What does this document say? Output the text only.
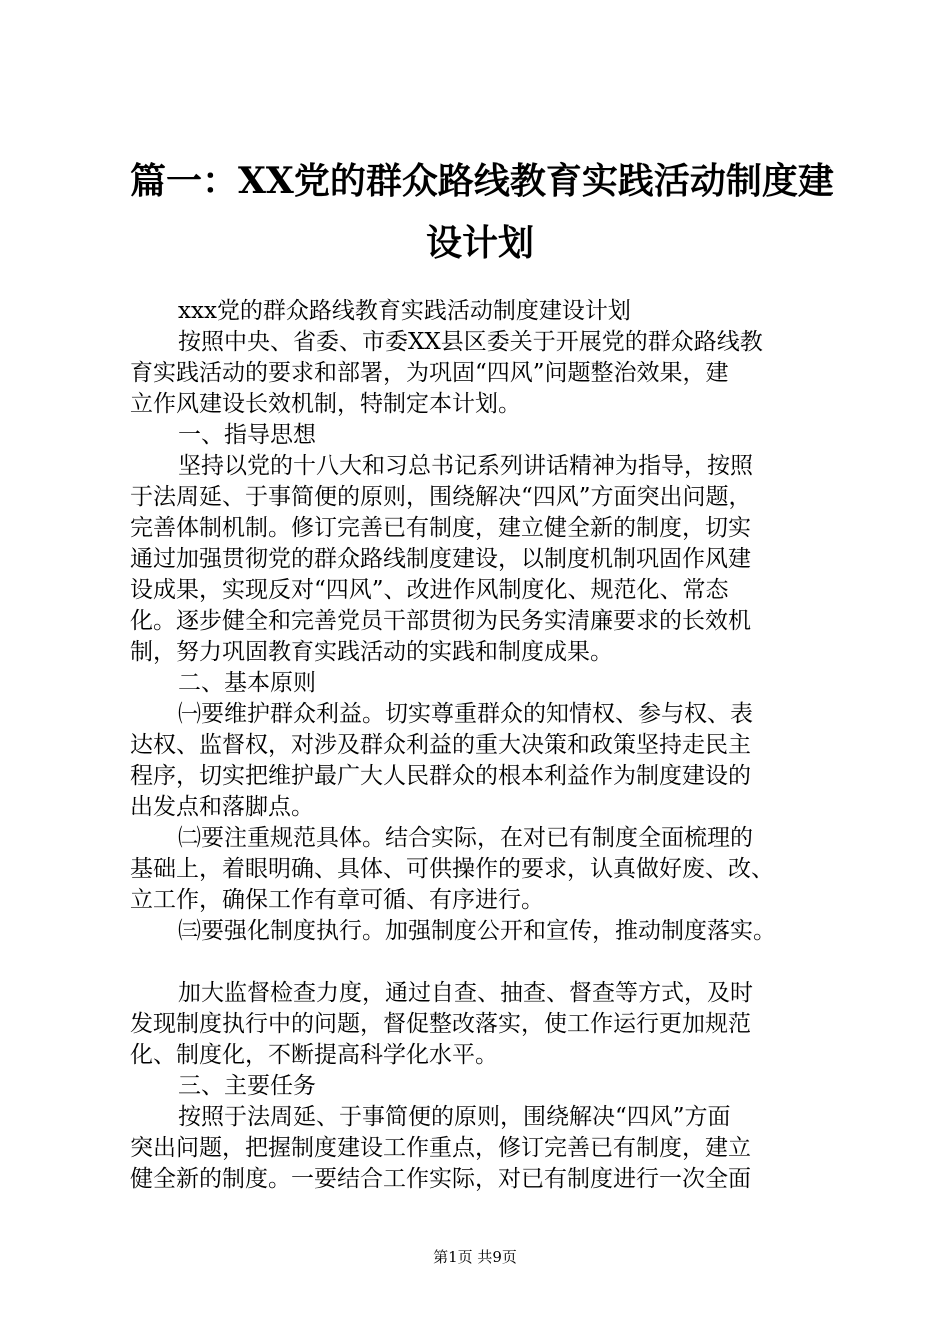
篇一：XX党的群众路线教育实践活动制度建
设计划

xxx党的群众路线教育实践活动制度建设计划

按照中央、省委、市委XX县区委关于开展党的群众路线教

育实践活动的要求和部署，为巩固“四风”问题整治效果，建

立作风建设长效机制，特制定本计划。

一、指导思想

坚持以党的十八大和习总书记系列讲话精神为指导，按照

于法周延、于事简便的原则，围绕解决“四风”方面突出问题，

完善体制机制。修订完善已有制度，建立健全新的制度，切实

通过加强贯彻党的群众路线制度建设，以制度机制巩固作风建

设成果，实现反对“四风”、改进作风制度化、规范化、常态

化。逐步健全和完善党员干部贯彻为民务实清廉要求的长效机

制，努力巩固教育实践活动的实践和制度成果。

二、基本原则

㈠要维护群众利益。切实尊重群众的知情权、参与权、表

达权、监督权，对涉及群众利益的重大决策和政策坚持走民主

程序，切实把维护最广大人民群众的根本利益作为制度建设的

出发点和落脚点。

㈡要注重规范具体。结合实际，在对已有制度全面梳理的

基础上，着眼明确、具体、可供操作的要求，认真做好废、改、

立工作，确保工作有章可循、有序进行。

㈢要强化制度执行。加强制度公开和宣传，推动制度落实。

加大监督检查力度，通过自查、抽查、督查等方式，及时

发现制度执行中的问题，督促整改落实，使工作运行更加规范

化、制度化，不断提高科学化水平。

三、主要任务

按照于法周延、于事简便的原则，围绕解决“四风”方面

突出问题，把握制度建设工作重点，修订完善已有制度，建立

健全新的制度。一要结合工作实际，对已有制度进行一次全面

第1页 共9页
